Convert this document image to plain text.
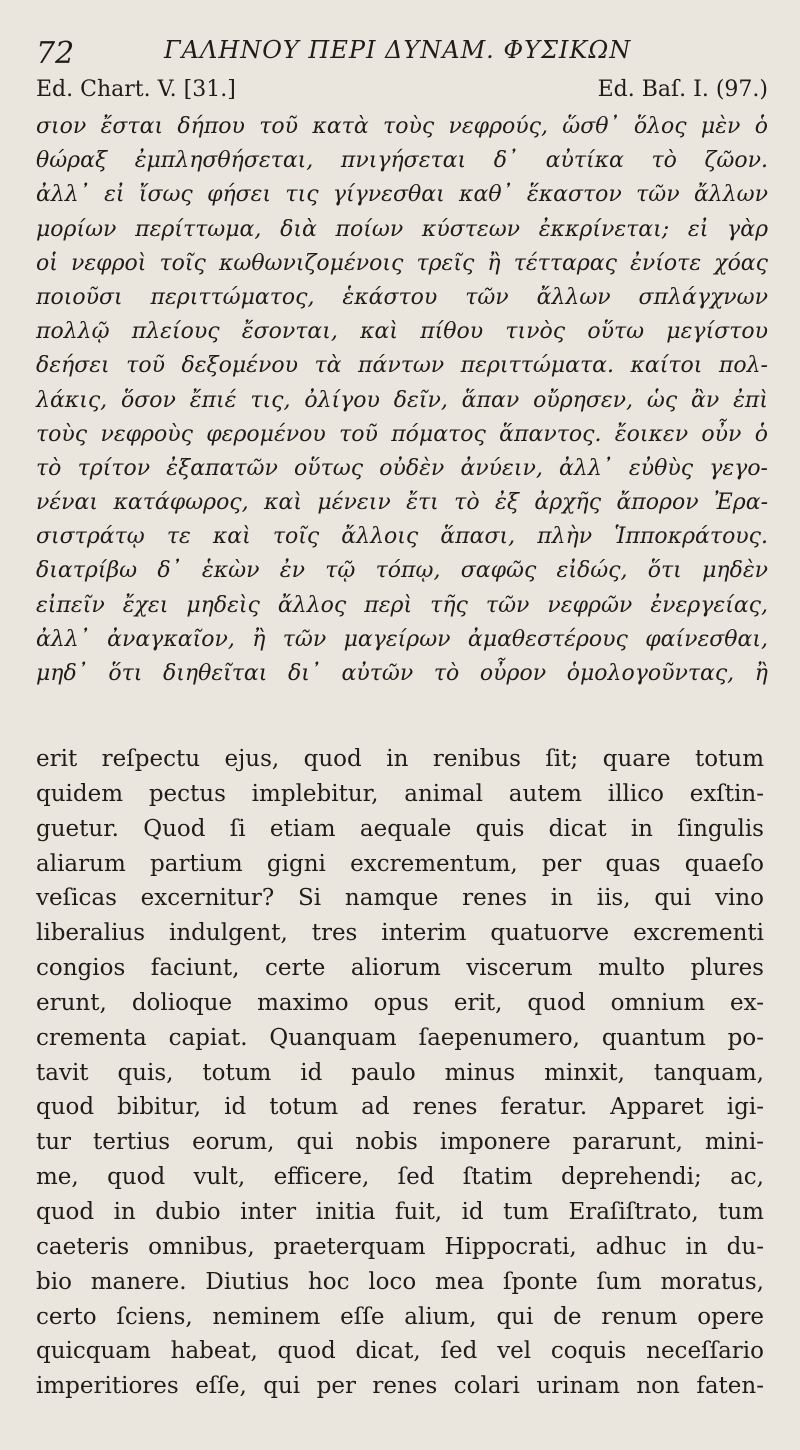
72	ΓΑΛΗΝΟΥ ΠΕΡΙ ΔΥΝΑΜ. ΦΥΣΙΚΩΝ
Ed. Chart. V. [31.]	Ed. Baſ. I. (97.)
σιον ἔσται δήπου τοῦ κατὰ τοὺς νεφρούς, ὥσθ᾽ ὅλος μὲν ὁ
θώραξ ἐμπλησθήσεται, πνιγήσεται δ᾽ αὐτίκα τὸ ζῶον.
ἀλλ᾽ εἰ ἴσως φήσει τις γίγνεσθαι καθ᾽ ἕκαστον τῶν ἄλλων
μορίων περίττωμα, διὰ ποίων κύστεων ἐκκρίνεται; εἰ γὰρ
οἱ νεφροὶ τοῖς κωθωνιζομένοις τρεῖς ἢ τέτταρας ἐνίοτε χόας
ποιοῦσι περιττώματος, ἑκάστου τῶν ἄλλων σπλάγχνων
πολλῷ πλείους ἔσονται, καὶ πίθου τινὸς οὕτω μεγίστου
δεήσει τοῦ δεξομένου τὰ πάντων περιττώματα. καίτοι πολ-
λάκις, ὅσον ἔπιέ τις, ὀλίγου δεῖν, ἅπαν οὔρησεν, ὡς ἂν ἐπὶ
τοὺς νεφροὺς φερομένου τοῦ πόματος ἅπαντος. ἔοικεν οὖν ὁ
τὸ τρίτον ἐξαπατῶν οὕτως οὐδὲν ἀνύειν, ἀλλ᾽ εὐθὺς γεγο-
νέναι κατάφωρος, καὶ μένειν ἔτι τὸ ἐξ ἀρχῆς ἄπορον Ἐρα-
σιστράτῳ τε καὶ τοῖς ἄλλοις ἅπασι, πλὴν Ἱπποκράτους.
διατρίβω δ᾽ ἑκὼν ἐν τῷ τόπῳ, σαφῶς εἰδώς, ὅτι μηδὲν
εἰπεῖν ἔχει μηδεὶς ἄλλος περὶ τῆς τῶν νεφρῶν ἐνεργείας,
ἀλλ᾽ ἀναγκαῖον, ἢ τῶν μαγείρων ἀμαθεστέρους φαίνεσθαι,
μηδ᾽ ὅτι διηθεῖται δι᾽ αὐτῶν τὸ οὖρον ὁμολογοῦντας, ἢ
erit reſpectu ejus, quod in renibus ſit; quare totum
quidem pectus implebitur, animal autem illico exſtin-
guetur. Quod ſi etiam aequale quis dicat in ſingulis
aliarum partium gigni excrementum, per quas quaeſo
veſicas excernitur? Si namque renes in iis, qui vino
liberalius indulgent, tres interim quatuorve excrementi
congios faciunt, certe aliorum viscerum multo plures
erunt, dolioque maximo opus erit, quod omnium ex-
crementa capiat. Quanquam ſaepenumero, quantum po-
tavit quis, totum id paulo minus minxit, tanquam,
quod bibitur, id totum ad renes feratur. Apparet igi-
tur tertius eorum, qui nobis imponere pararunt, mini-
me, quod vult, efficere, ſed ſtatim deprehendi; ac,
quod in dubio inter initia fuit, id tum Eraſiſtrato, tum
caeteris omnibus, praeterquam Hippocrati, adhuc in du-
bio manere. Diutius hoc loco mea ſponte ſum moratus,
certo ſciens, neminem eſſe alium, qui de renum opere
quicquam habeat, quod dicat, ſed vel coquis neceſſario
imperitiores eſſe, qui per renes colari urinam non faten-
